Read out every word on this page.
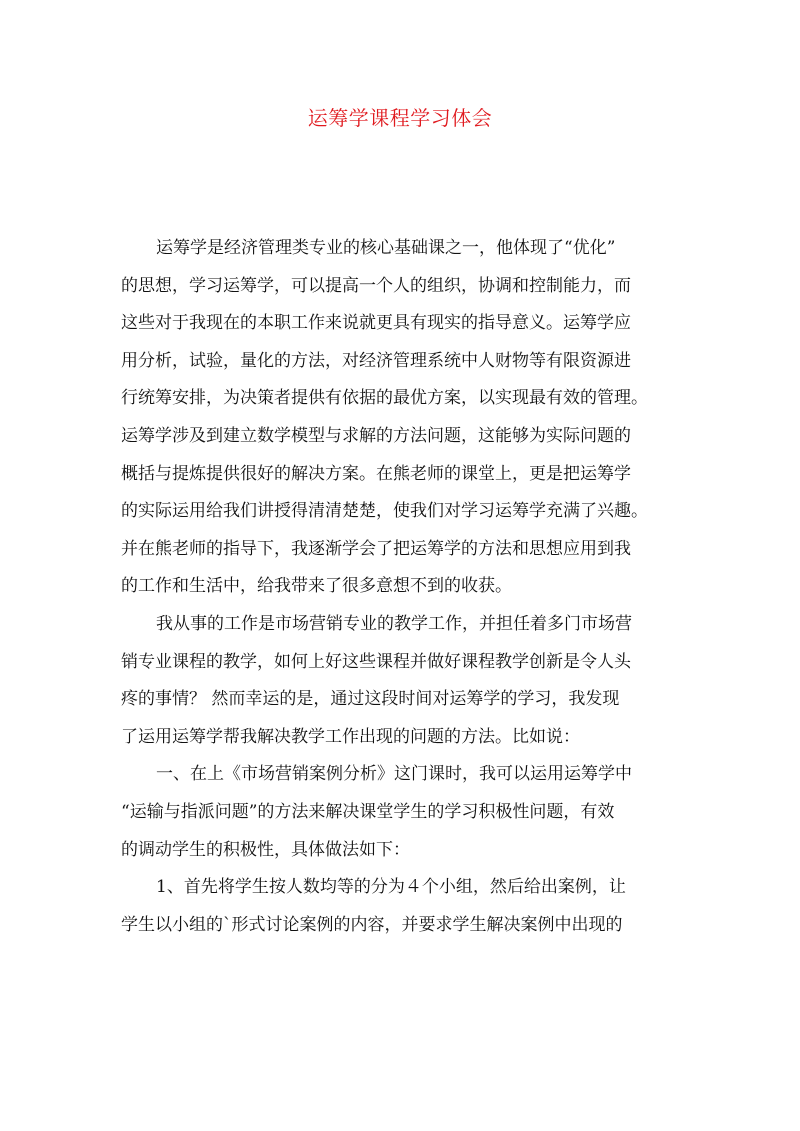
运筹学课程学习体会
运筹学是经济管理类专业的核心基础课之一，他体现了“优化”
的思想，学习运筹学，可以提高一个人的组织，协调和控制能力，而
这些对于我现在的本职工作来说就更具有现实的指导意义。运筹学应
用分析，试验，量化的方法，对经济管理系统中人财物等有限资源进
行统筹安排，为决策者提供有依据的最优方案，以实现最有效的管理。
运筹学涉及到建立数学模型与求解的方法问题，这能够为实际问题的
概括与提炼提供很好的解决方案。在熊老师的课堂上，更是把运筹学
的实际运用给我们讲授得清清楚楚，使我们对学习运筹学充满了兴趣。
并在熊老师的指导下，我逐渐学会了把运筹学的方法和思想应用到我
的工作和生活中，给我带来了很多意想不到的收获。
我从事的工作是市场营销专业的教学工作，并担任着多门市场营
销专业课程的教学，如何上好这些课程并做好课程教学创新是令人头
疼的事情？ 然而幸运的是，通过这段时间对运筹学的学习，我发现
了运用运筹学帮我解决教学工作出现的问题的方法。比如说：
一、在上《市场营销案例分析》这门课时，我可以运用运筹学中
“运输与指派问题”的方法来解决课堂学生的学习积极性问题，有效
的调动学生的积极性，具体做法如下：
1、首先将学生按人数均等的分为４个小组，然后给出案例，让
学生以小组的`形式讨论案例的内容，并要求学生解决案例中出现的
